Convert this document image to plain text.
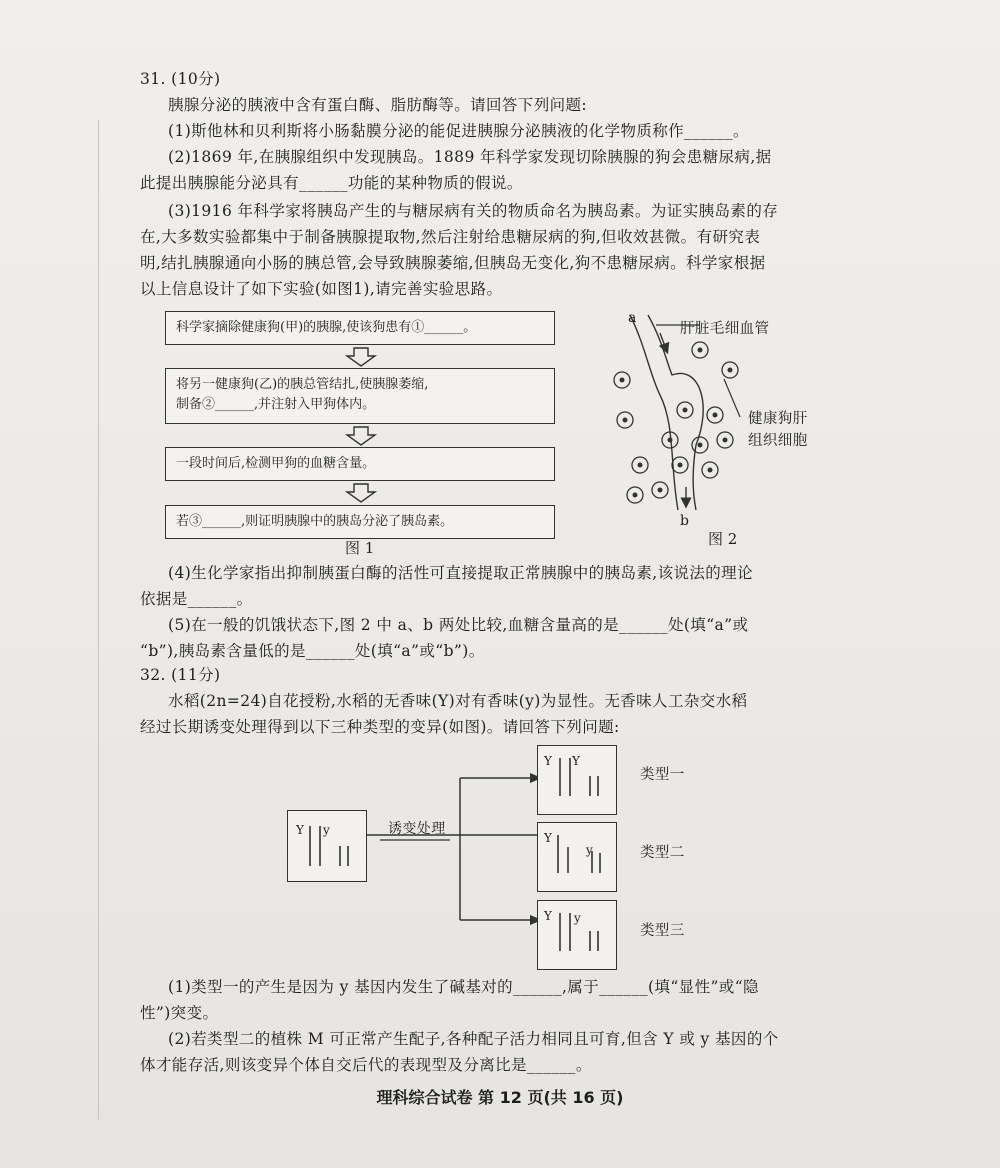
31. (10分)
胰腺分泌的胰液中含有蛋白酶、脂肪酶等。请回答下列问题:
(1)斯他林和贝利斯将小肠黏膜分泌的能促进胰腺分泌胰液的化学物质称作______。
(2)1869 年,在胰腺组织中发现胰岛。1889 年科学家发现切除胰腺的狗会患糖尿病,据
此提出胰腺能分泌具有______功能的某种物质的假说。
(3)1916 年科学家将胰岛产生的与糖尿病有关的物质命名为胰岛素。为证实胰岛素的存
在,大多数实验都集中于制备胰腺提取物,然后注射给患糖尿病的狗,但收效甚微。有研究表
明,结扎胰腺通向小肠的胰总管,会导致胰腺萎缩,但胰岛无变化,狗不患糖尿病。科学家根据
以上信息设计了如下实验(如图1),请完善实验思路。
科学家摘除健康狗(甲)的胰腺,使该狗患有①______。
将另一健康狗(乙)的胰总管结扎,使胰腺萎缩,
制备②______,并注射入甲狗体内。
一段时间后,检测甲狗的血糖含量。
若③______,则证明胰腺中的胰岛分泌了胰岛素。
图 1
a
肝脏毛细血管
健康狗肝
组织细胞
b
图 2
(4)生化学家指出抑制胰蛋白酶的活性可直接提取正常胰腺中的胰岛素,该说法的理论
依据是______。
(5)在一般的饥饿状态下,图 2 中 a、b 两处比较,血糖含量高的是______处(填“a”或
“b”),胰岛素含量低的是______处(填“a”或“b”)。
32. (11分)
水稻(2n=24)自花授粉,水稻的无香味(Y)对有香味(y)为显性。无香味人工杂交水稻
经过长期诱变处理得到以下三种类型的变异(如图)。请回答下列问题:
Y y	诱变处理
Y Y
类型一
Y
y	类型二
Y y
类型三
(1)类型一的产生是因为 y 基因内发生了碱基对的______,属于______(填“显性”或“隐
性”)突变。
(2)若类型二的植株 M 可正常产生配子,各种配子活力相同且可育,但含 Y 或 y 基因的个
体才能存活,则该变异个体自交后代的表现型及分离比是______。
理科综合试卷 第 12 页(共 16 页)
